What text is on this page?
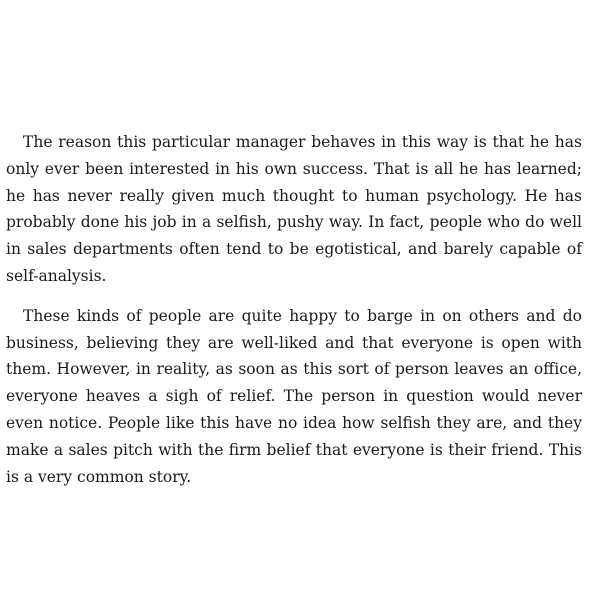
The reason this particular manager behaves in this way is that he has only ever been interested in his own success. That is all he has learned; he has never really given much thought to human psychology. He has probably done his job in a selfish, pushy way. In fact, people who do well in sales departments often tend to be egotistical, and barely capable of self-analysis.

These kinds of people are quite happy to barge in on others and do business, believing they are well-liked and that everyone is open with them. However, in reality, as soon as this sort of person leaves an office, everyone heaves a sigh of relief. The person in question would never even notice. People like this have no idea how selfish they are, and they make a sales pitch with the firm belief that everyone is their friend. This is a very common story.
